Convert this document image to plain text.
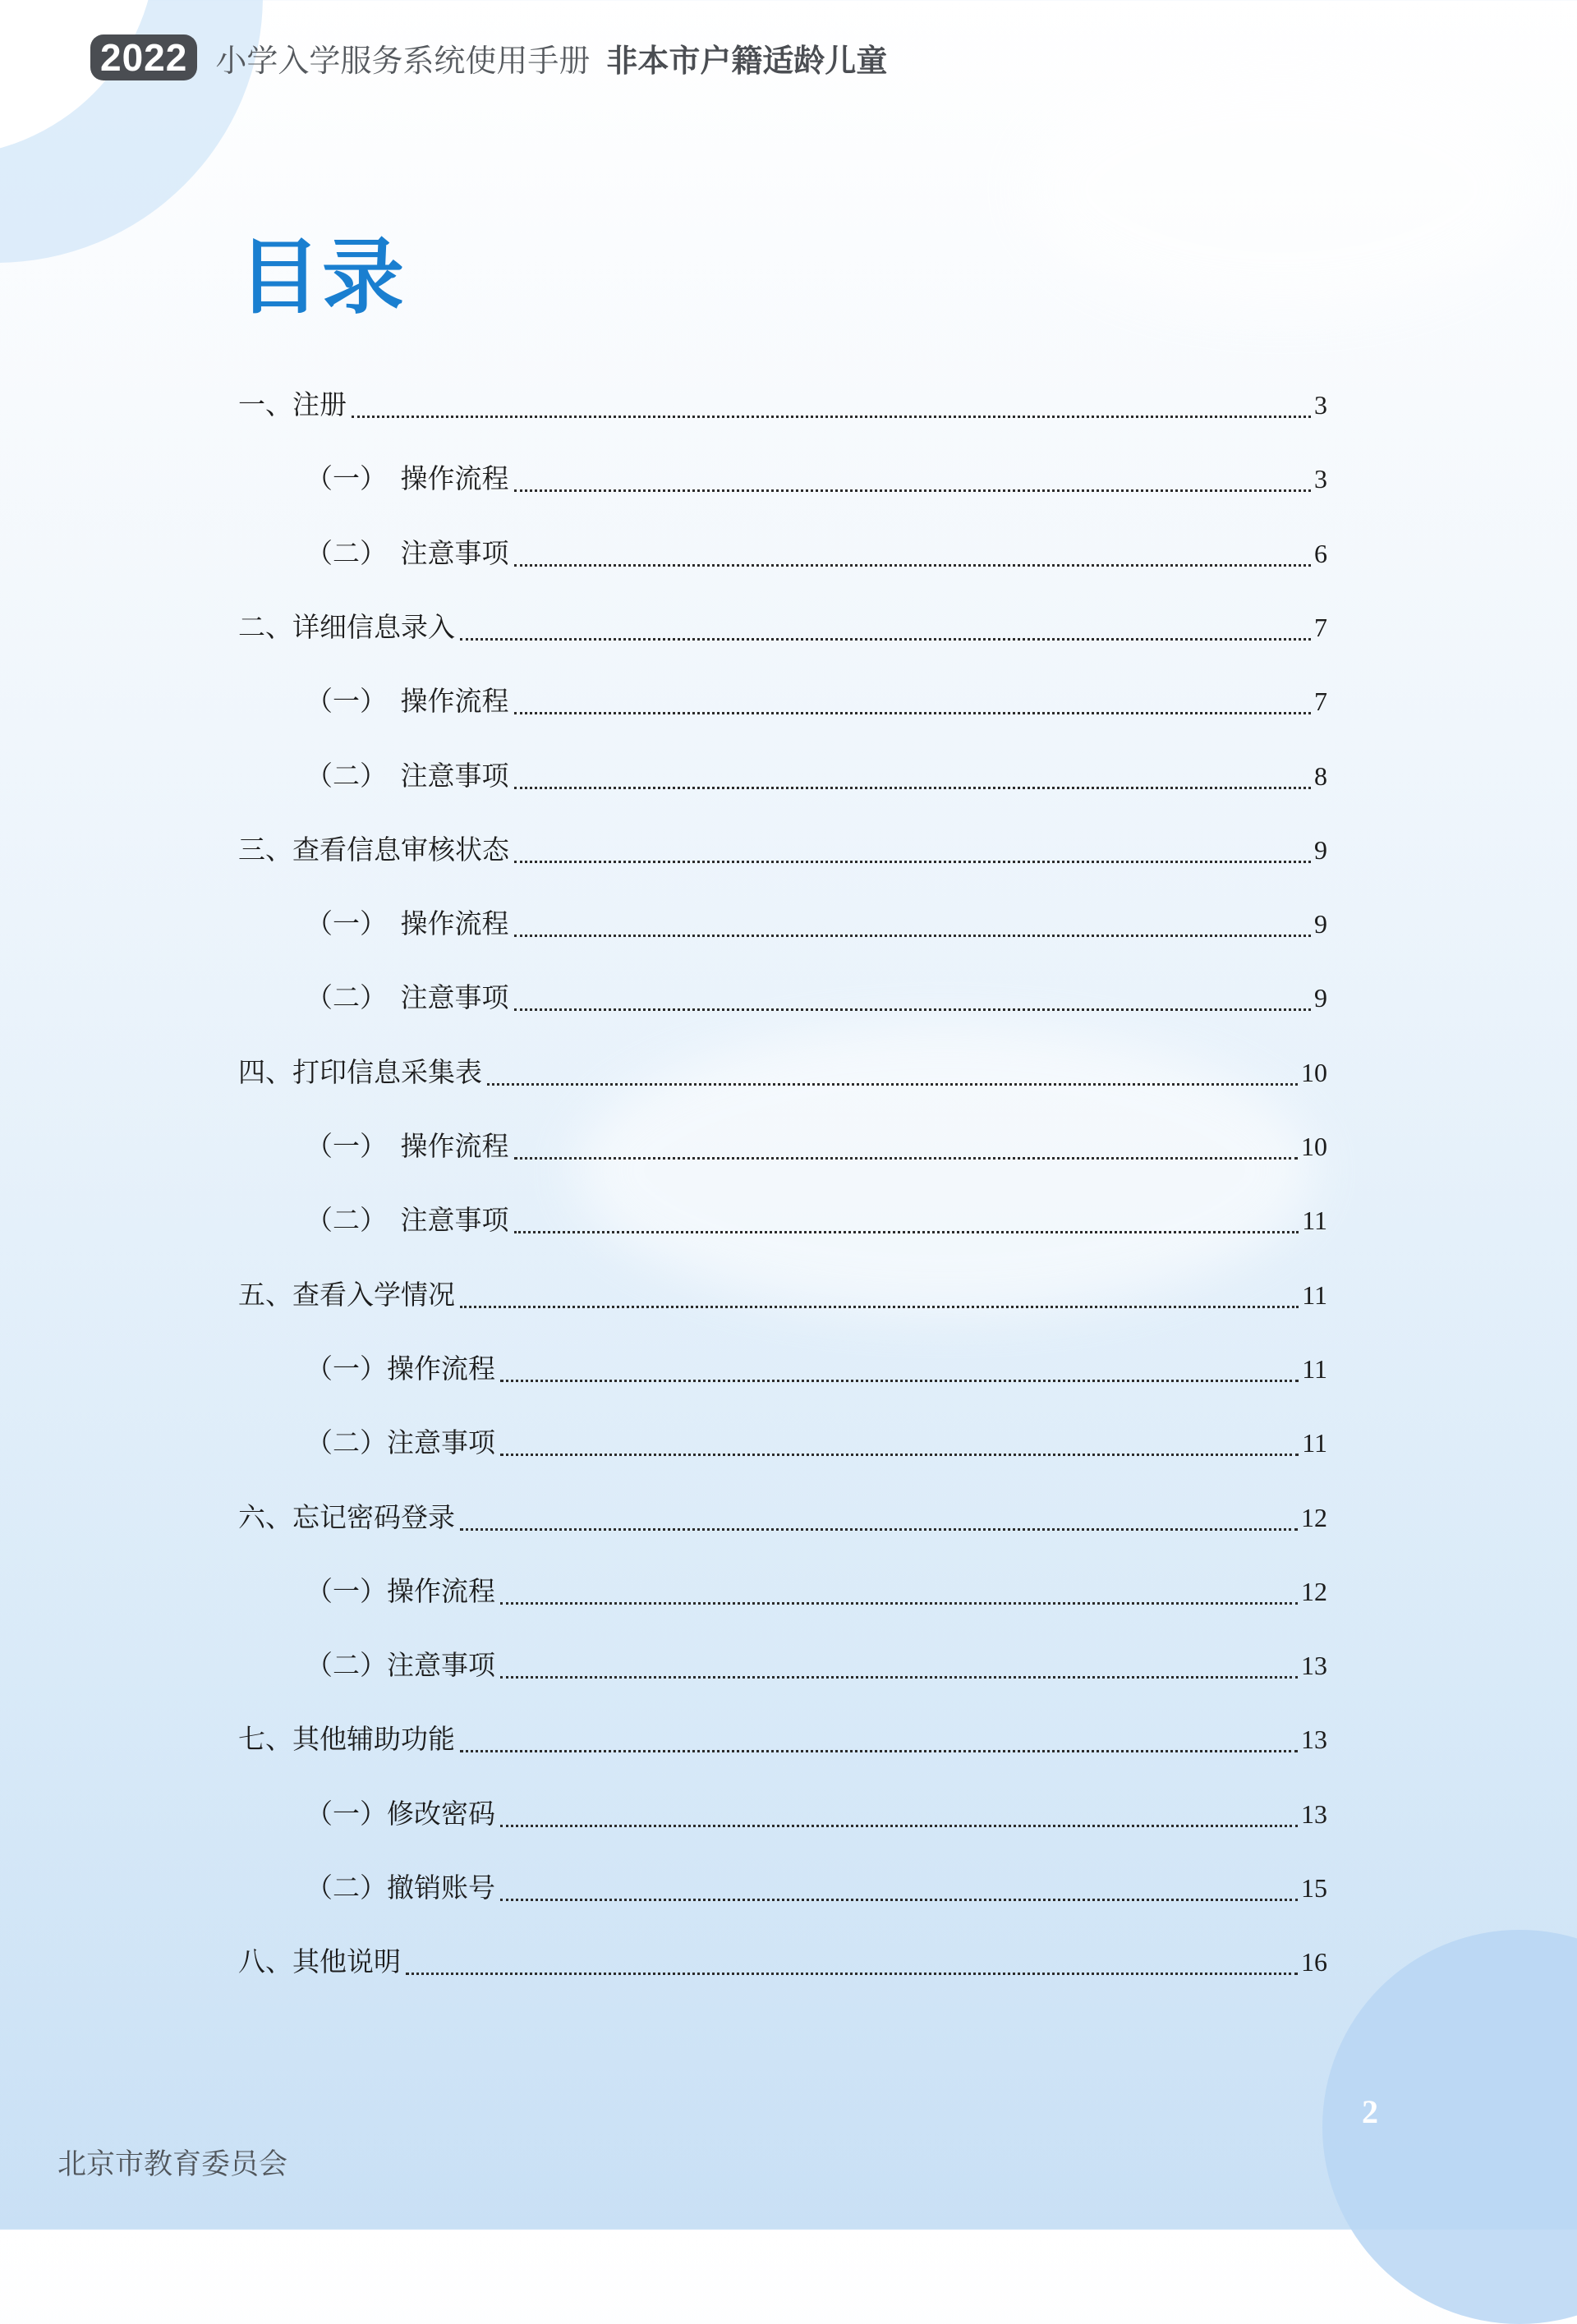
2022 小学入学服务系统使用手册 非本市户籍适龄儿童
目录
一、注册	3
（一）　操作流程	3
（二）　注意事项	6
二、详细信息录入	7
（一）　操作流程	7
（二）　注意事项	8
三、查看信息审核状态	9
（一）　操作流程	9
（二）　注意事项	9
四、打印信息采集表	10
（一）　操作流程	10
（二）　注意事项	11
五、查看入学情况	11
（一）操作流程	11
（二）注意事项	11
六、忘记密码登录	12
（一）操作流程	12
（二）注意事项	13
七、其他辅助功能	13
（一）修改密码	13
（二）撤销账号	15
八、其他说明	16
2
北京市教育委员会
